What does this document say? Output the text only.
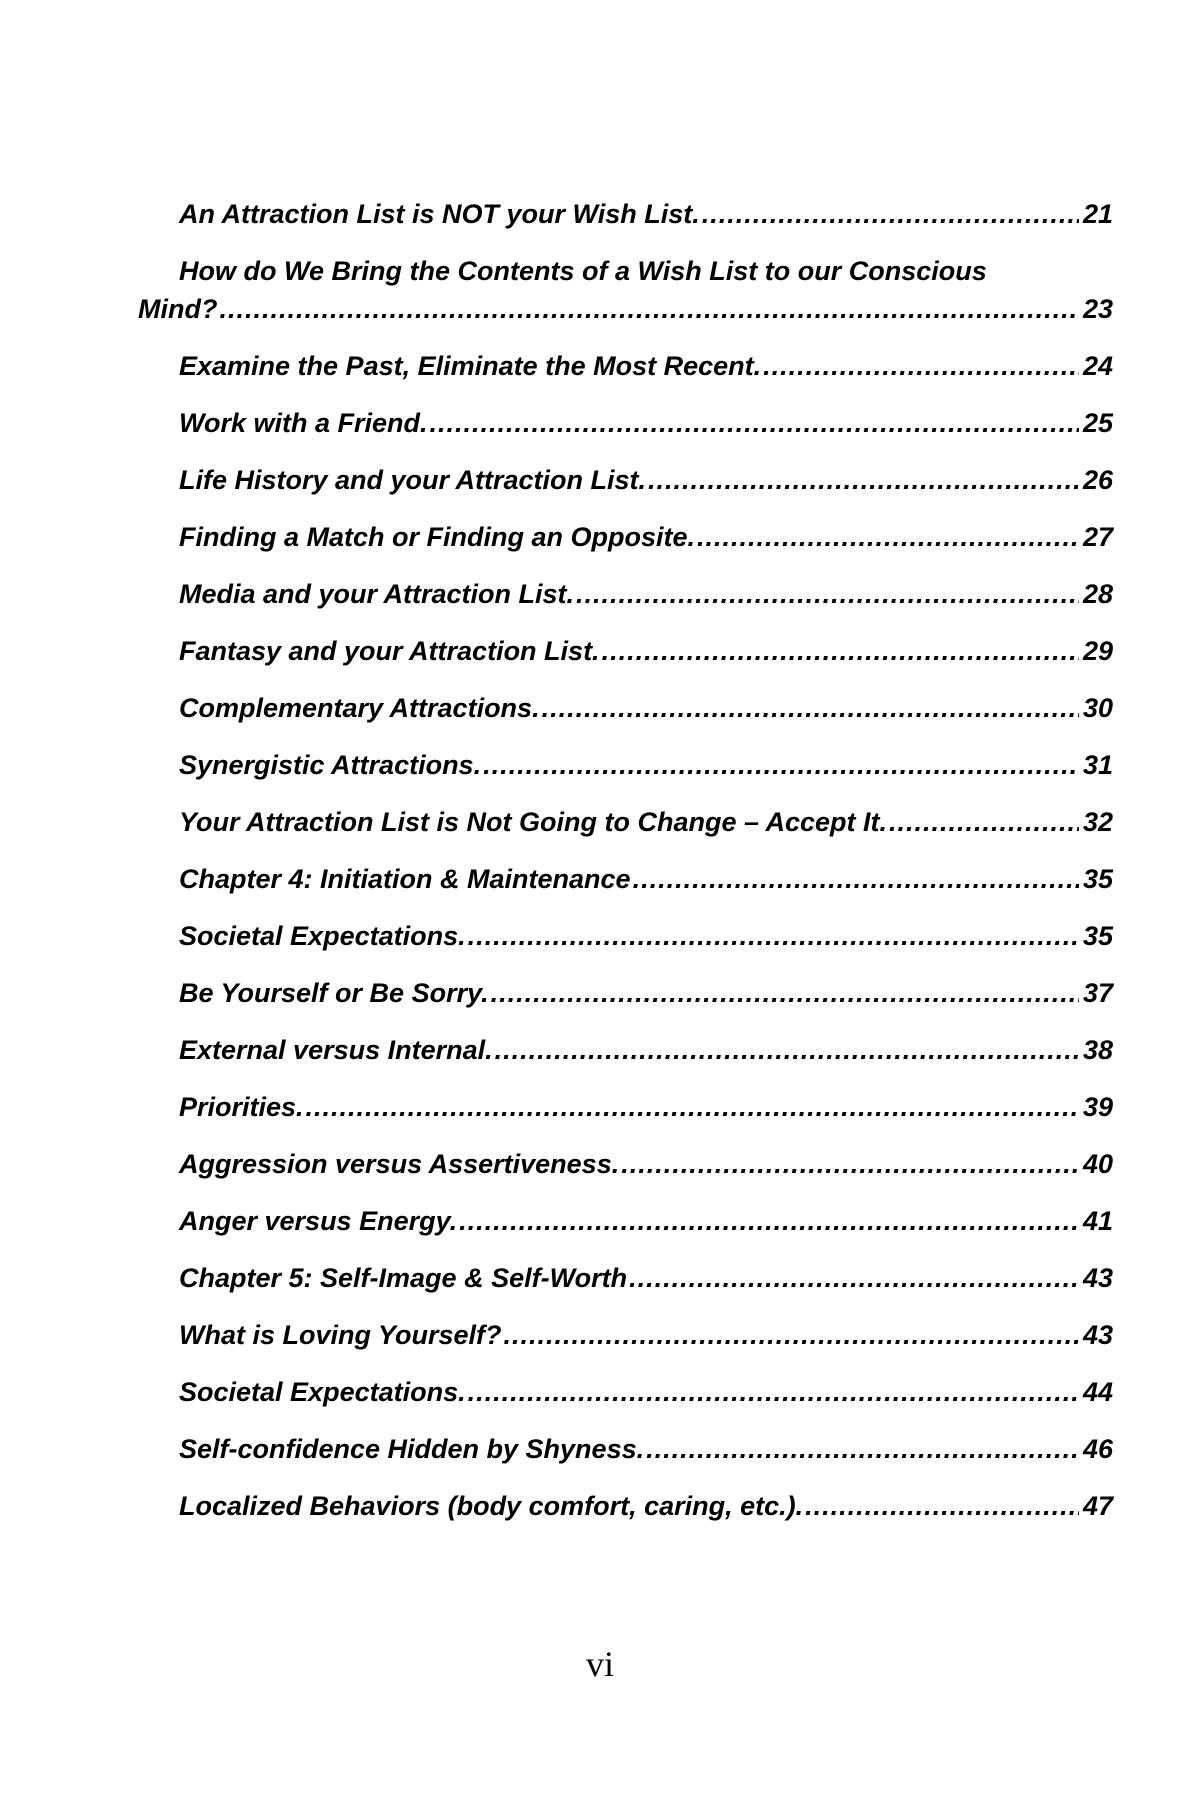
An Attraction List is NOT your Wish List. .....	21
How do We Bring the Contents of a Wish List to our Conscious
Mind? .....	23
Examine the Past, Eliminate the Most Recent. .....	24
Work with a Friend. .....	25
Life History and your Attraction List. .....	26
Finding a Match or Finding an Opposite. .....	27
Media and your Attraction List. .....	28
Fantasy and your Attraction List. .....	29
Complementary Attractions. .....	30
Synergistic Attractions. .....	31
Your Attraction List is Not Going to Change – Accept It. .....	32
Chapter 4: Initiation & Maintenance .....	35
Societal Expectations. .....	35
Be Yourself or Be Sorry. .....	37
External versus Internal. .....	38
Priorities. .....	39
Aggression versus Assertiveness. .....	40
Anger versus Energy. .....	41
Chapter 5: Self-Image & Self-Worth .....	43
What is Loving Yourself? .....	43
Societal Expectations. .....	44
Self-confidence Hidden by Shyness. .....	46
Localized Behaviors (body comfort, caring, etc.). .....	47
vi
